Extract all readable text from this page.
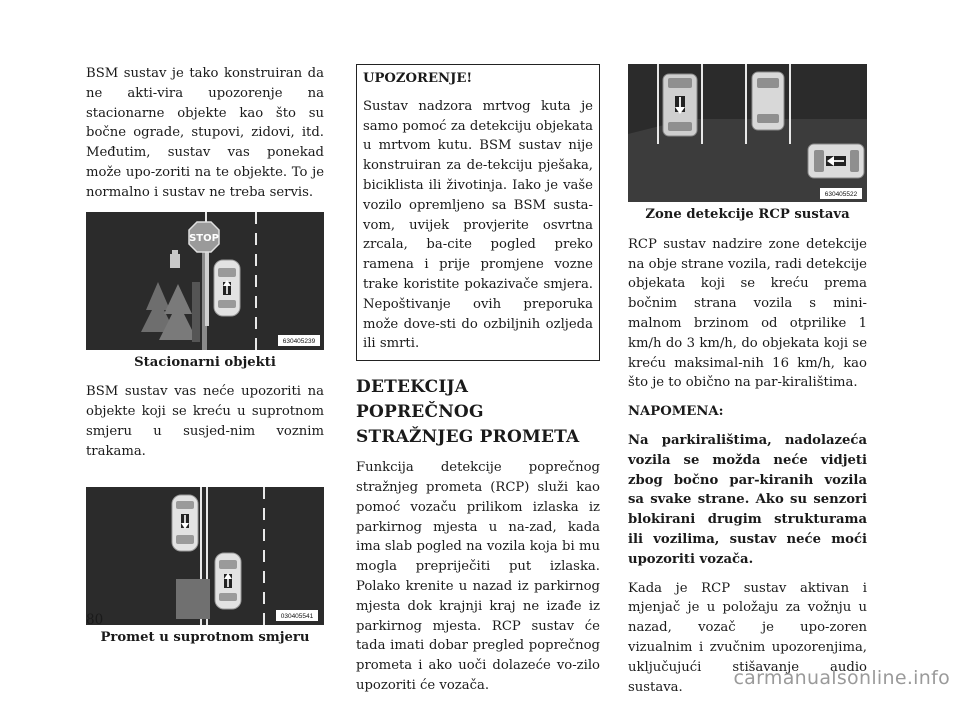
BSM sustav je tako konstruiran da ne akti-vira upozorenje na stacionarne objekte kao što su bočne ograde, stupovi, zidovi, itd. Međutim, sustav vas ponekad može upo-zoriti na te objekte. To je normalno i sustav ne treba servis.

STOP
630405239
Stacionarni objekti

BSM sustav vas neće upozoriti na objekte koji se kreću u suprotnom smjeru u susjed-nim voznim trakama.

030405541
Promet u suprotnom smjeru
UPOZORENJE!

Sustav nadzora mrtvog kuta je samo pomoć za detekciju objekata u mrtvom kutu. BSM sustav nije konstruiran za de-tekciju pješaka, biciklista ili životinja. Iako je vaše vozilo opremljeno sa BSM susta-vom, uvijek provjerite osvrtna zrcala, ba-cite pogled preko ramena i prije promjene vozne trake koristite pokazivače smjera. Nepoštivanje ovih preporuka može dove-sti do ozbiljnih ozljeda ili smrti.

DETEKCIJA POPREČNOG STRAŽNJEG PROMETA

Funkcija detekcije poprečnog stražnjeg prometa (RCP) služi kao pomoć vozaču prilikom izlaska iz parkirnog mjesta u na-zad, kada ima slab pogled na vozila koja bi mu mogla prepriječiti put izlaska. Polako krenite u nazad iz parkirnog mjesta dok krajnji kraj ne izađe iz parkirnog mjesta. RCP sustav će tada imati dobar pregled poprečnog prometa i ako uoči dolazeće vo-zilo upozoriti će vozača.

630405522
Zone detekcije RCP sustava

RCP sustav nadzire zone detekcije na obje strane vozila, radi detekcije objekata koji se kreću prema bočnim strana vozila s mini-malnom brzinom od otprilike 1 km/h do 3 km/h, do objekata koji se kreću maksimal-nih 16 km/h, kao što je to obično na par-kiralištima.

NAPOMENA:

Na parkiralištima, nadolazeća vozila se možda neće vidjeti zbog bočno par-kiranih vozila sa svake strane. Ako su senzori blokirani drugim strukturama ili vozilima, sustav neće moći upozoriti vozača.

Kada je RCP sustav aktivan i mjenjač je u položaju za vožnju u nazad, vozač je upo-zoren vizualnim i zvučnim upozorenjima, uključujući stišavanje audio sustava.

80
carmanualsonline.info
